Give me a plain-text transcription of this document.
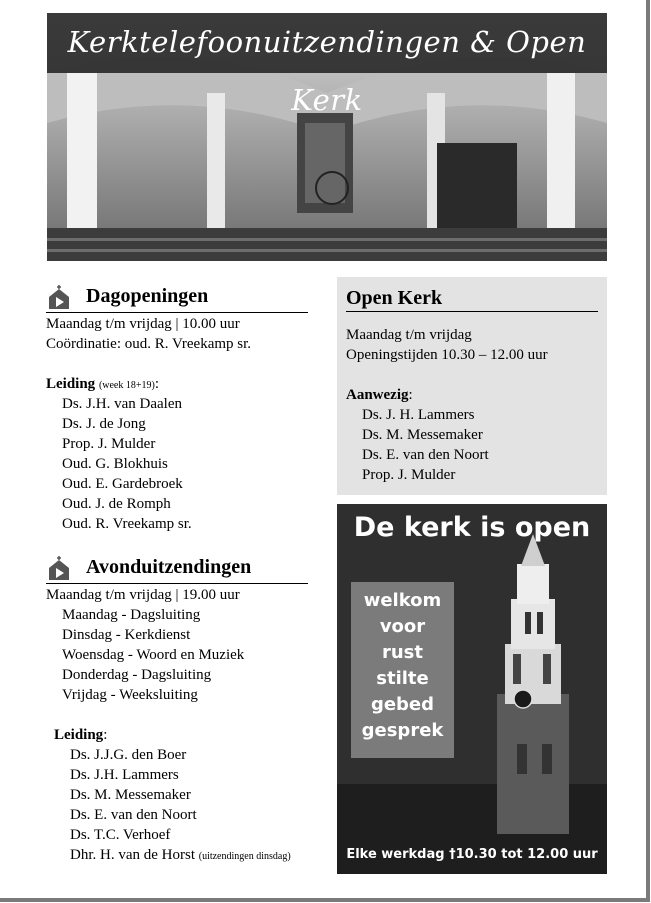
Kerktelefoonuitzendingen & Open Kerk
Dagopeningen
Maandag t/m vrijdag | 10.00 uur
Coördinatie: oud. R. Vreekamp sr.
Leiding (week 18+19):
Ds. J.H. van Daalen
Ds. J. de Jong
Prop. J. Mulder
Oud. G. Blokhuis
Oud. E. Gardebroek
Oud. J. de Romph
Oud. R. Vreekamp sr.
Avonduitzendingen
Maandag t/m vrijdag | 19.00 uur
Maandag - Dagsluiting
Dinsdag - Kerkdienst
Woensdag - Woord en Muziek
Donderdag - Dagsluiting
Vrijdag - Weeksluiting
Leiding:
Ds. J.J.G. den Boer
Ds. J.H. Lammers
Ds. M. Messemaker
Ds. E. van den Noort
Ds. T.C. Verhoef
Dhr. H. van de Horst (uitzendingen dinsdag)
Open Kerk
Maandag t/m vrijdag
Openingstijden 10.30 – 12.00 uur
Aanwezig:
Ds. J. H. Lammers
Ds. M. Messemaker
Ds. E. van den Noort
Prop. J. Mulder
De kerk is open
welkom
voor
rust
stilte
gebed
gesprek
Elke werkdag †10.30 tot 12.00 uur
